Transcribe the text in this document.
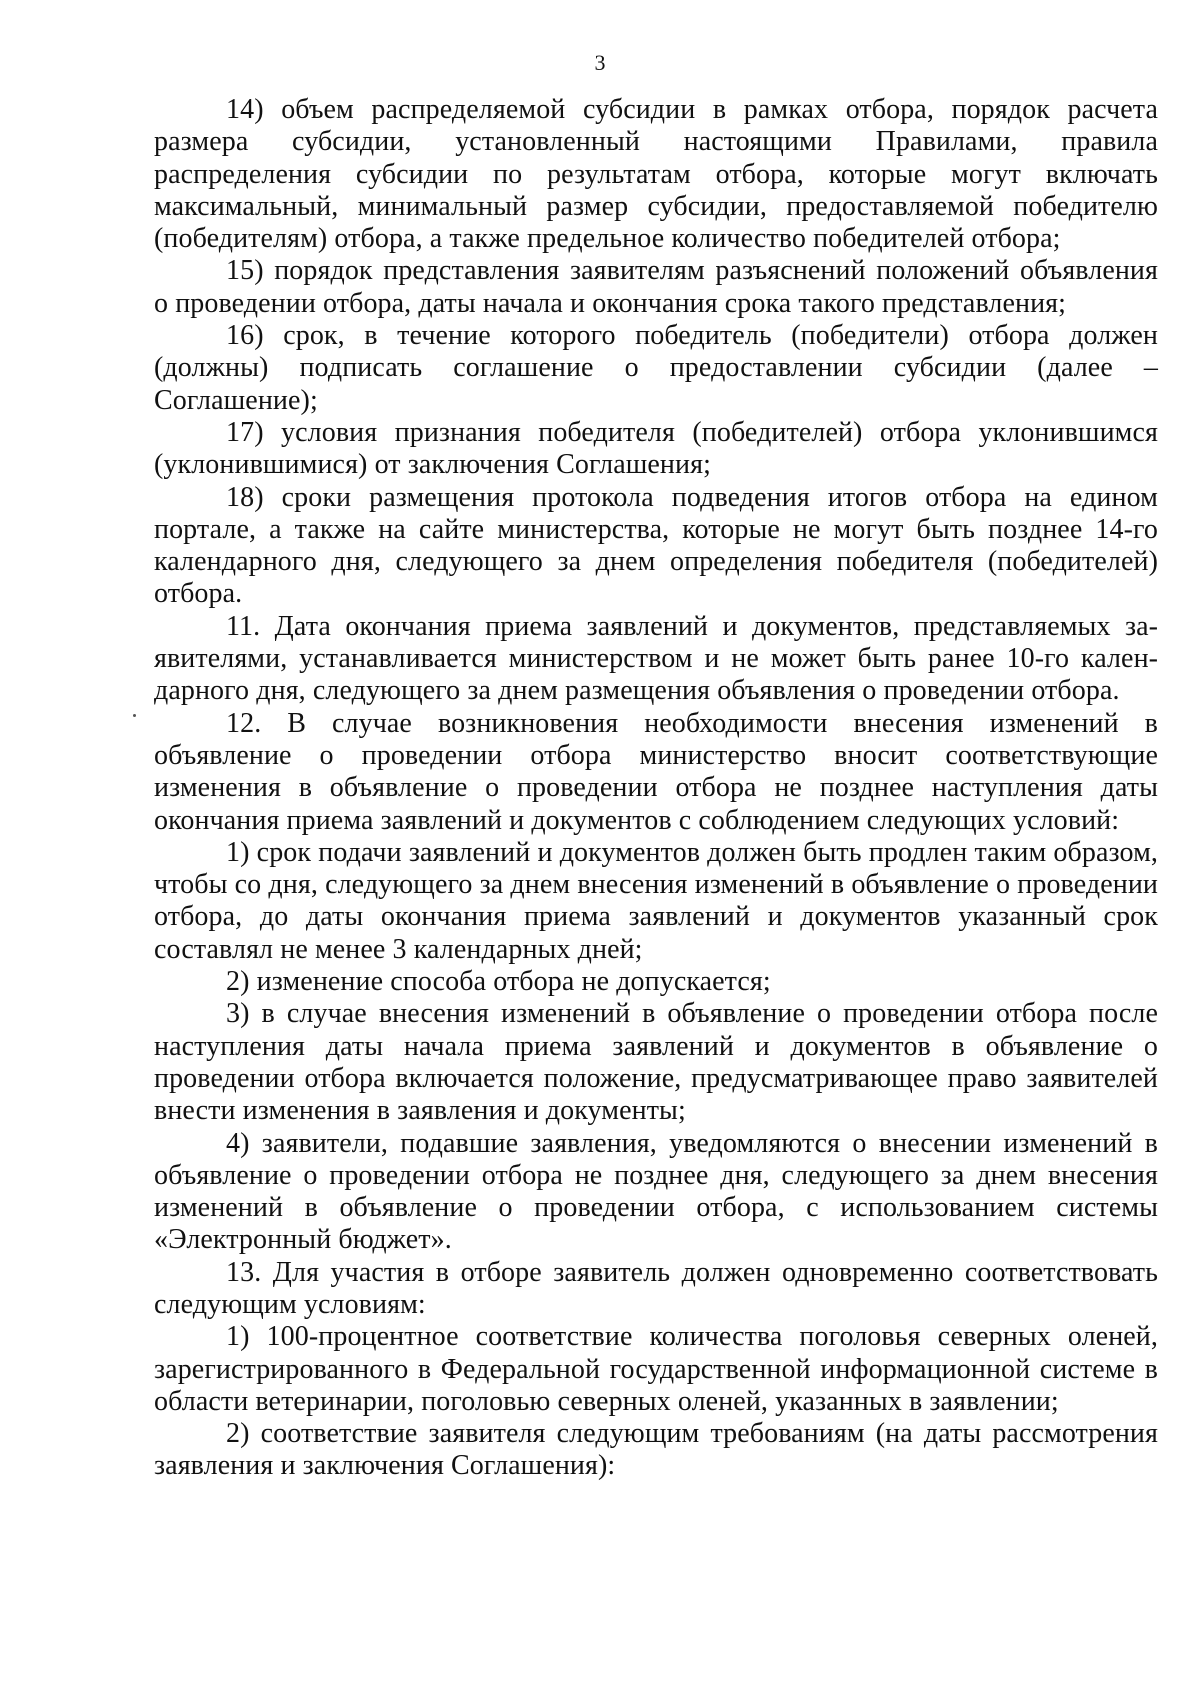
3

14) объем распределяемой субсидии в рамках отбора, порядок расчета размера субсидии, установленный настоящими Правилами, правила распределения субсидии по результатам отбора, которые могут включать максимальный, минимальный размер субсидии, предоставляемой победителю (победителям) отбора, а также предельное количество победителей отбора;

15) порядок представления заявителям разъяснений положений объявления о проведении отбора, даты начала и окончания срока такого представления;

16) срок, в течение которого победитель (победители) отбора должен (должны) подписать соглашение о предоставлении субсидии (далее – Соглашение);

17) условия признания победителя (победителей) отбора уклонившимся (уклонившимися) от заключения Соглашения;

18) сроки размещения протокола подведения итогов отбора на едином портале, а также на сайте министерства, которые не могут быть позднее 14-го календарного дня, следующего за днем определения победителя (победителей) отбора.

11. Дата окончания приема заявлений и документов, представляемых заявителями, устанавливается министерством и не может быть ранее 10-го календарного дня, следующего за днем размещения объявления о проведении отбора.

12. В случае возникновения необходимости внесения изменений в объявление о проведении отбора министерство вносит соответствующие изменения в объявление о проведении отбора не позднее наступления даты окончания приема заявлений и документов с соблюдением следующих условий:

1) срок подачи заявлений и документов должен быть продлен таким образом, чтобы со дня, следующего за днем внесения изменений в объявление о проведении отбора, до даты окончания приема заявлений и документов указанный срок составлял не менее 3 календарных дней;

2) изменение способа отбора не допускается;

3) в случае внесения изменений в объявление о проведении отбора после наступления даты начала приема заявлений и документов в объявление о проведении отбора включается положение, предусматривающее право заявителей внести изменения в заявления и документы;

4) заявители, подавшие заявления, уведомляются о внесении изменений в объявление о проведении отбора не позднее дня, следующего за днем внесения изменений в объявление о проведении отбора, с использованием системы «Электронный бюджет».

13. Для участия в отборе заявитель должен одновременно соответствовать следующим условиям:

1) 100-процентное соответствие количества поголовья северных оленей, зарегистрированного в Федеральной государственной информационной системе в области ветеринарии, поголовью северных оленей, указанных в заявлении;

2) соответствие заявителя следующим требованиям (на даты рассмотрения заявления и заключения Соглашения):
